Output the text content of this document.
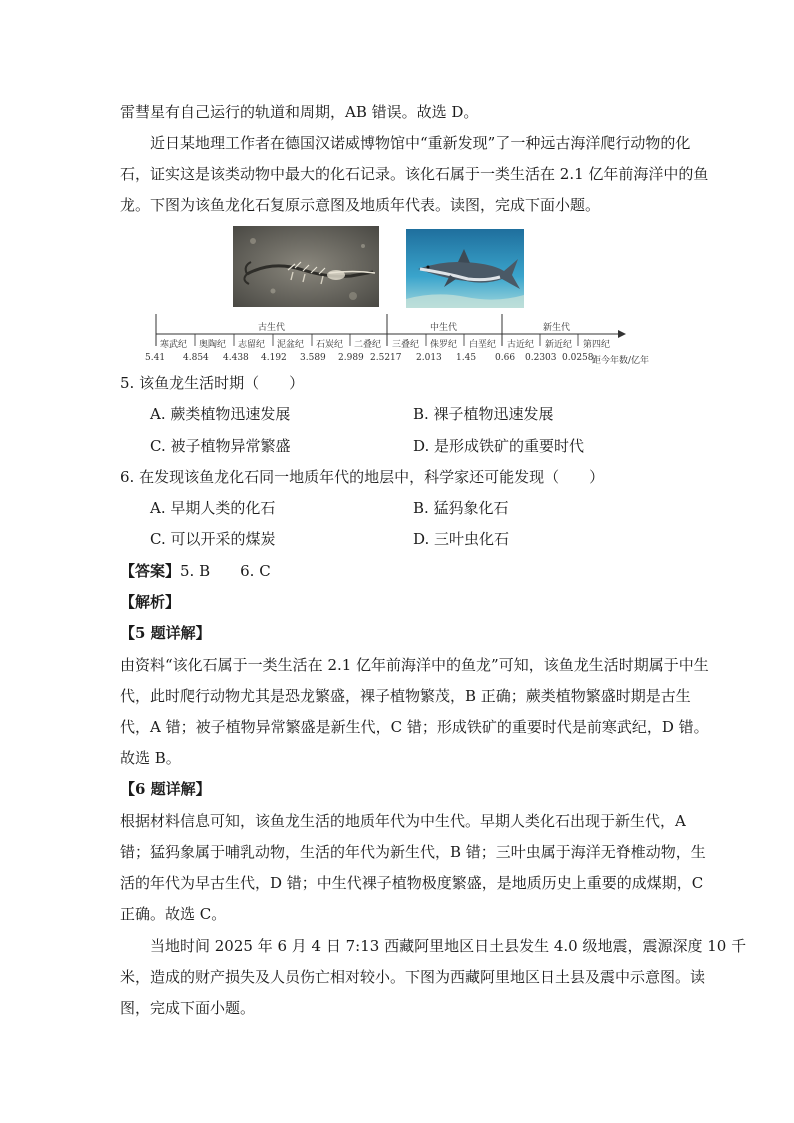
雷彗星有自己运行的轨道和周期，AB 错误。故选 D。
近日某地理工作者在德国汉诺威博物馆中“重新发现”了一种远古海洋爬行动物的化
石，证实这是该类动物中最大的化石记录。该化石属于一类生活在 2.1 亿年前海洋中的鱼
龙。下图为该鱼龙化石复原示意图及地质年代表。读图，完成下面小题。
古生代	中生代	新生代
寒武纪 奥陶纪 志留纪 泥盆纪 石炭纪 二叠纪 三叠纪 侏罗纪 白垩纪 古近纪 新近纪 第四纪
5.41 4.854 4.438 4.192 3.589 2.989 2.5217 2.013 1.45 0.66 0.2303 0.0258
距今年数/亿年
5. 该鱼龙生活时期（　　）
A. 蕨类植物迅速发展	B. 裸子植物迅速发展
C. 被子植物异常繁盛	D. 是形成铁矿的重要时代
6. 在发现该鱼龙化石同一地质年代的地层中，科学家还可能发现（　　）
A. 早期人类的化石	B. 猛犸象化石
C. 可以开采的煤炭	D. 三叶虫化石
【答案】5. B　　6. C
【解析】
【5 题详解】
由资料“该化石属于一类生活在 2.1 亿年前海洋中的鱼龙”可知，该鱼龙生活时期属于中生
代，此时爬行动物尤其是恐龙繁盛，裸子植物繁茂，B 正确；蕨类植物繁盛时期是古生
代，A 错；被子植物异常繁盛是新生代，C 错；形成铁矿的重要时代是前寒武纪，D 错。
故选 B。
【6 题详解】
根据材料信息可知，该鱼龙生活的地质年代为中生代。早期人类化石出现于新生代，A
错；猛犸象属于哺乳动物，生活的年代为新生代，B 错；三叶虫属于海洋无脊椎动物，生
活的年代为早古生代，D 错；中生代裸子植物极度繁盛，是地质历史上重要的成煤期，C
正确。故选 C。
当地时间 2025 年 6 月 4 日 7:13 西藏阿里地区日土县发生 4.0 级地震，震源深度 10 千
米，造成的财产损失及人员伤亡相对较小。下图为西藏阿里地区日土县及震中示意图。读
图，完成下面小题。
